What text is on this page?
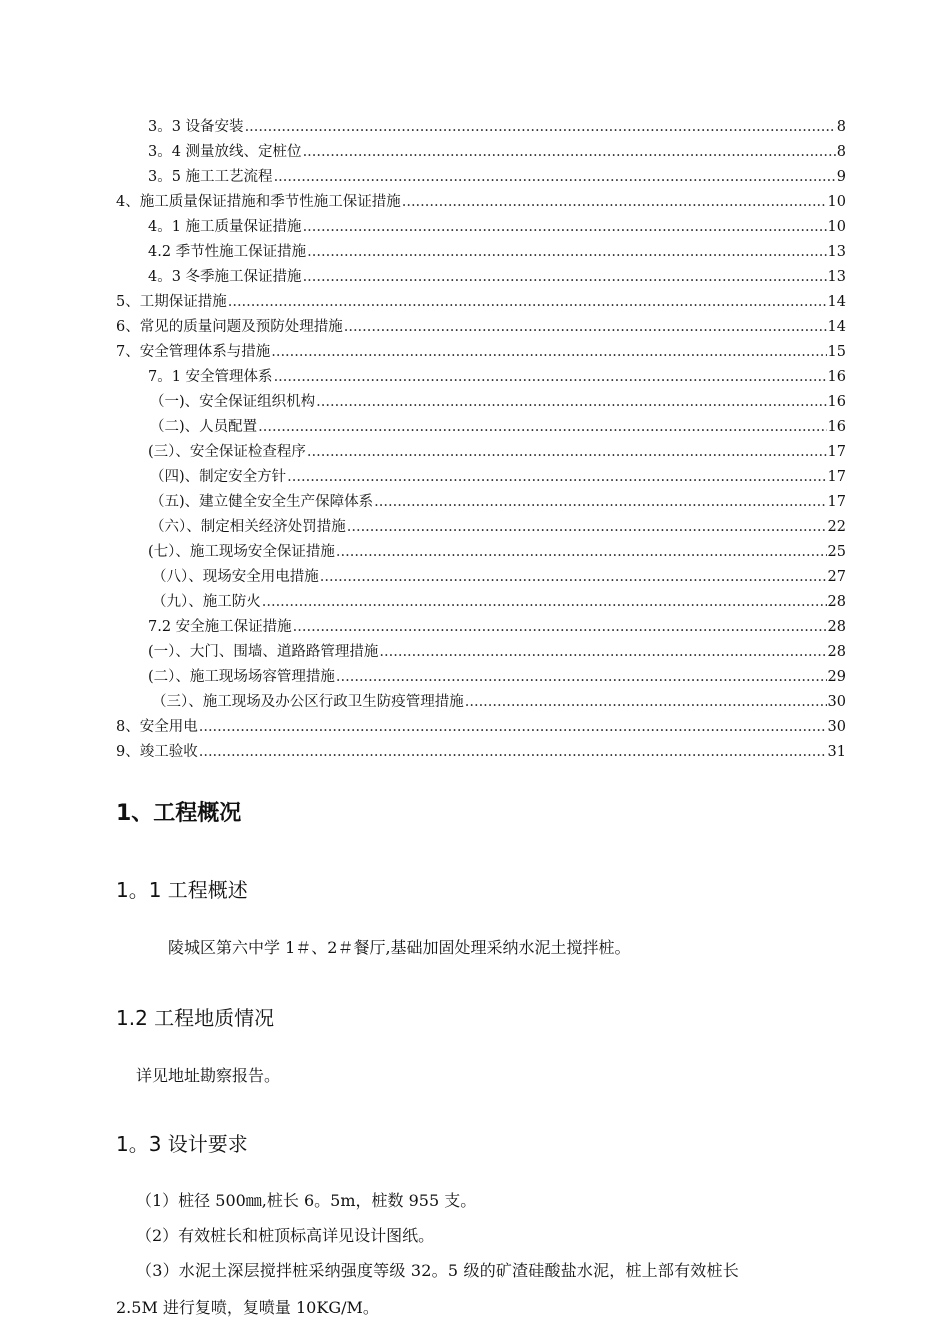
3。3 设备安装 .....	8
3。4 测量放线、定桩位 .....	8
3。5 施工工艺流程 .....	9
4、施工质量保证措施和季节性施工保证措施 .....	10
4。1 施工质量保证措施 .....	10
4.2 季节性施工保证措施 .....	13
4。3 冬季施工保证措施 .....	13
5、工期保证措施 .....	14
6、常见的质量问题及预防处理措施 .....	14
7、安全管理体系与措施 .....	15
7。1 安全管理体系 .....	16
（一)、安全保证组织机构 .....	16
（二)、人员配置 .....	16
(三）、安全保证检查程序 .....	17
（四)、制定安全方针 .....	17
（五)、建立健全安全生产保障体系 .....	17
（六）、制定相关经济处罚措施 .....	22
(七）、施工现场安全保证措施 .....	25
（八）、现场安全用电措施 .....	27
（九）、施工防火 .....	28
7.2 安全施工保证措施 .....	28
(一）、大门、围墙、道路路管理措施 .....	28
(二）、施工现场场容管理措施 .....	29
（三）、施工现场及办公区行政卫生防疫管理措施 .....	30
8、安全用电 .....	30
9、竣工验收 .....	31
1、工程概况
1。1 工程概述

陵城区第六中学 1＃、2＃餐厅,基础加固处理采纳水泥土搅拌桩。

1.2 工程地质情况

详见地址勘察报告。

1。3 设计要求

（1）桩径 500㎜,桩长 6。5m，桩数 955 支。

（2）有效桩长和桩顶标高详见设计图纸。

（3）水泥土深层搅拌桩采纳强度等级 32。5 级的矿渣硅酸盐水泥，桩上部有效桩长

2.5M 进行复喷，复喷量 10KG/M。
